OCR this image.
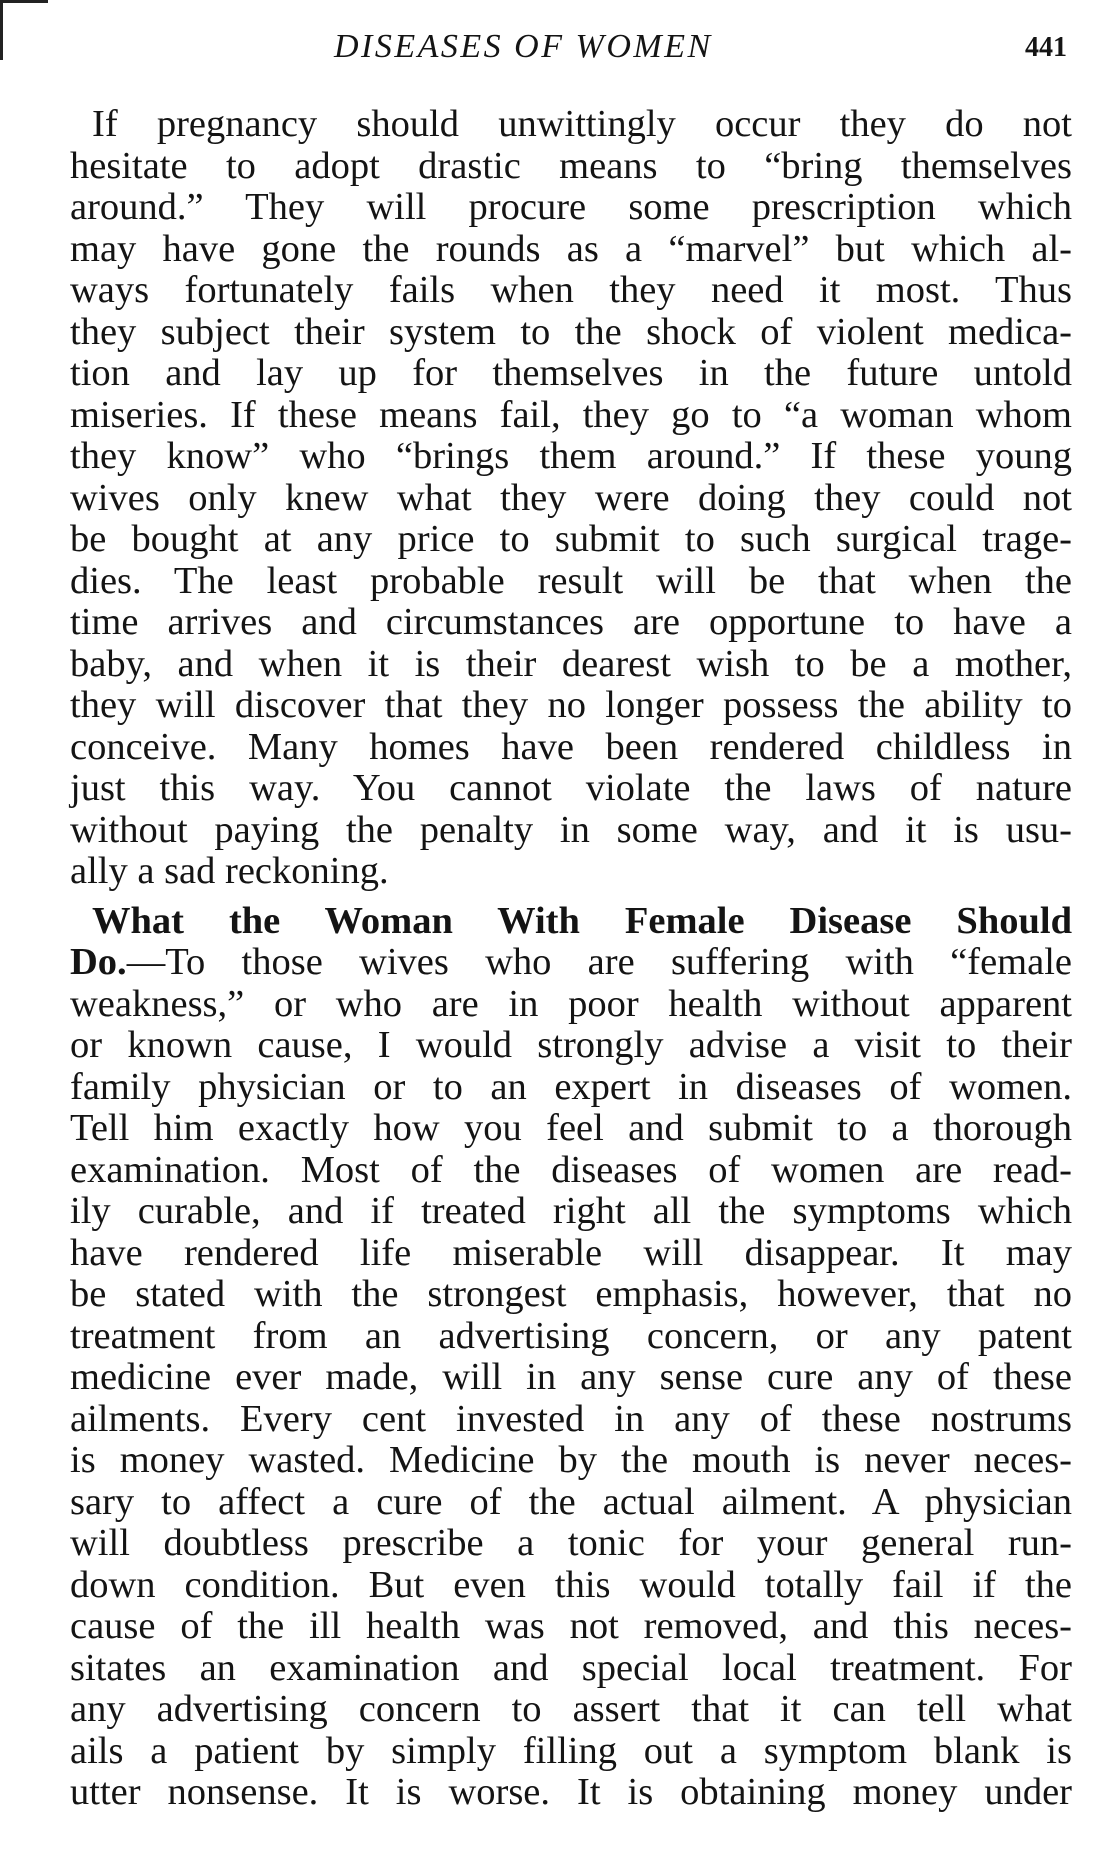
DISEASES OF WOMEN	441
If pregnancy should unwittingly occur they do not
hesitate to adopt drastic means to “bring themselves
around.” They will procure some prescription which
may have gone the rounds as a “marvel” but which al-
ways fortunately fails when they need it most. Thus
they subject their system to the shock of violent medica-
tion and lay up for themselves in the future untold
miseries. If these means fail, they go to “a woman whom
they know” who “brings them around.” If these young
wives only knew what they were doing they could not
be bought at any price to submit to such surgical trage-
dies. The least probable result will be that when the
time arrives and circumstances are opportune to have a
baby, and when it is their dearest wish to be a mother,
they will discover that they no longer possess the ability to
conceive. Many homes have been rendered childless in
just this way. You cannot violate the laws of nature
without paying the penalty in some way, and it is usu-
ally a sad reckoning.
What the Woman With Female Disease Should
Do.—To those wives who are suffering with “female
weakness,” or who are in poor health without apparent
or known cause, I would strongly advise a visit to their
family physician or to an expert in diseases of women.
Tell him exactly how you feel and submit to a thorough
examination. Most of the diseases of women are read-
ily curable, and if treated right all the symptoms which
have rendered life miserable will disappear. It may
be stated with the strongest emphasis, however, that no
treatment from an advertising concern, or any patent
medicine ever made, will in any sense cure any of these
ailments. Every cent invested in any of these nostrums
is money wasted. Medicine by the mouth is never neces-
sary to affect a cure of the actual ailment. A physician
will doubtless prescribe a tonic for your general run-
down condition. But even this would totally fail if the
cause of the ill health was not removed, and this neces-
sitates an examination and special local treatment. For
any advertising concern to assert that it can tell what
ails a patient by simply filling out a symptom blank is
utter nonsense. It is worse. It is obtaining money under
